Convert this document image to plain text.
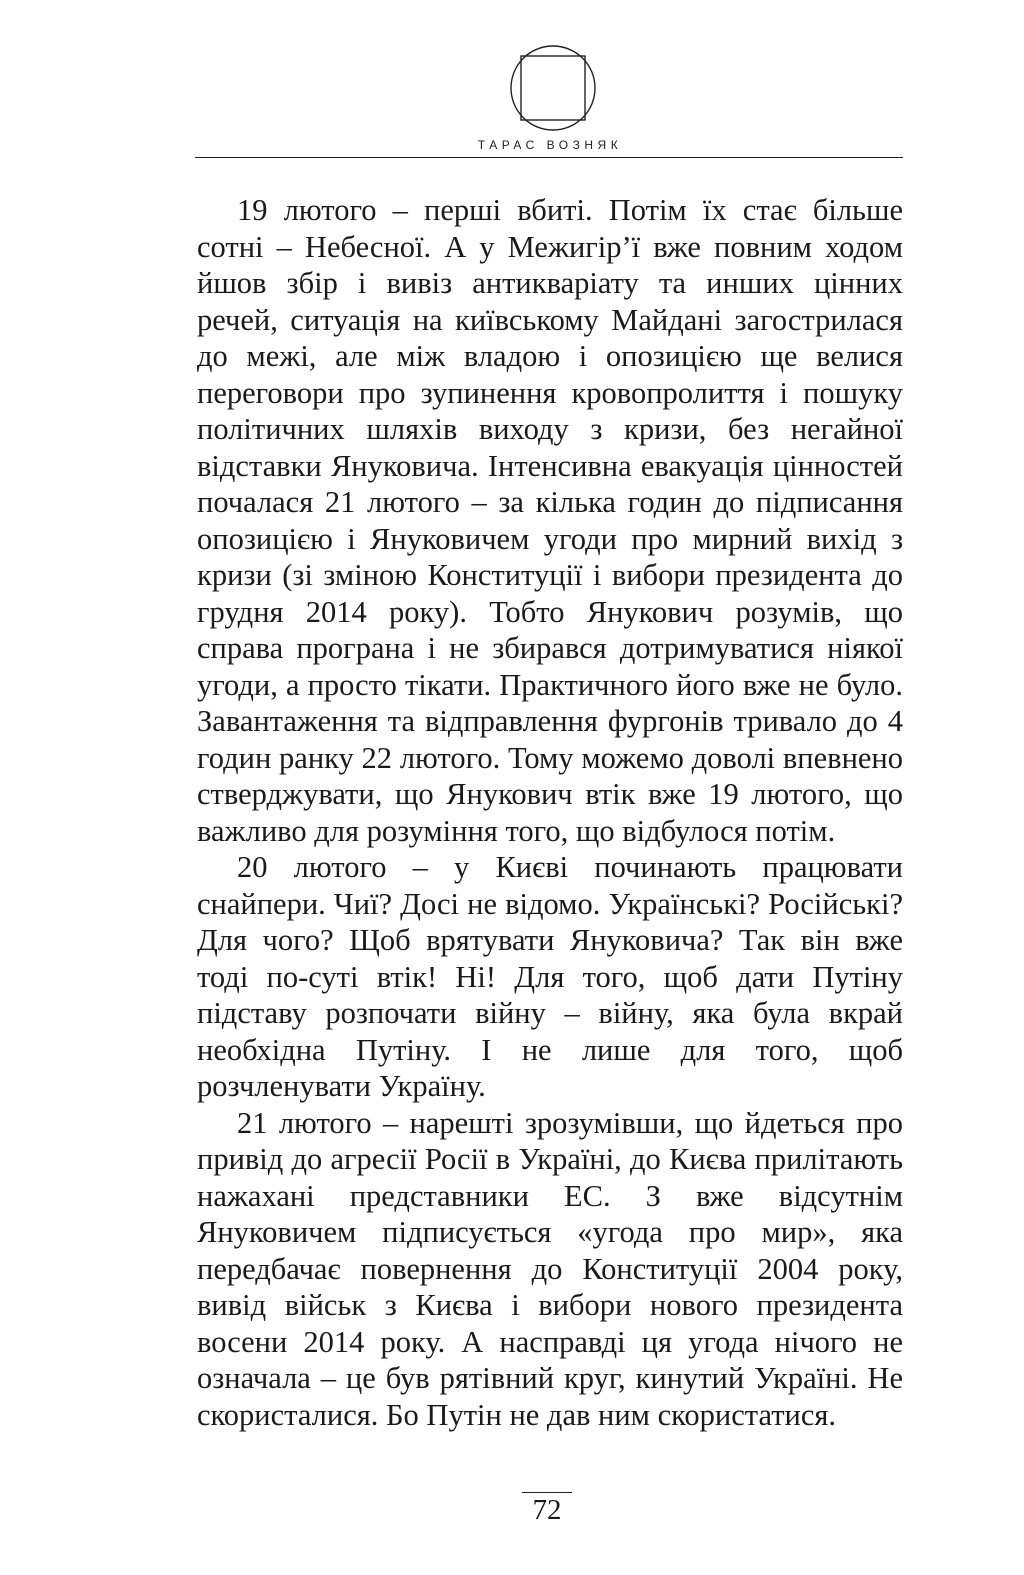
ТАРАС ВОЗНЯК

19 лютого – перші вбиті. Потім їх стає більше сотні – Небесної. А у Межигір’ї вже повним ходом йшов збір і вивіз антикваріату та инших цінних речей, ситуація на київському Майдані загострилася до межі, але між владою і опозицією ще велися переговори про зупинення кровопролиття і пошуку політичних шляхів виходу з кризи, без негайної відставки Януковича. Інтенсивна евакуація цінностей почалася 21 лютого – за кілька годин до підписання опозицією і Януковичем угоди про мирний вихід з кризи (зі зміною Конституції і вибори президента до грудня 2014 року). Тобто Янукович розумів, що справа програна і не збирався дотримуватися ніякої угоди, а просто тікати. Практичного його вже не було. Завантаження та відправлення фургонів тривало до 4 годин ранку 22 лютого. Тому можемо доволі впевнено стверджувати, що Янукович втік вже 19 лютого, що важливо для розуміння того, що відбулося потім.

20 лютого – у Києві починають працювати снайпери. Чиї? Досі не відомо. Українські? Російські? Для чого? Щоб врятувати Януковича? Так він вже тоді по-суті втік! Ні! Для того, щоб дати Путіну підставу розпочати війну – війну, яка була вкрай необхідна Путіну. І не лише для того, щоб розчленувати Україну.

21 лютого – нарешті зрозумівши, що йдеться про привід до агресії Росії в Україні, до Києва прилітають нажахані представники ЕС. З вже відсутнім Януковичем підписується «угода про мир», яка передбачає повернення до Конституції 2004 року, вивід військ з Києва і вибори нового президента восени 2014 року. А насправді ця угода нічого не означала – це був рятівний круг, кинутий Україні. Не скористалися. Бо Путін не дав ним скористатися.

72
